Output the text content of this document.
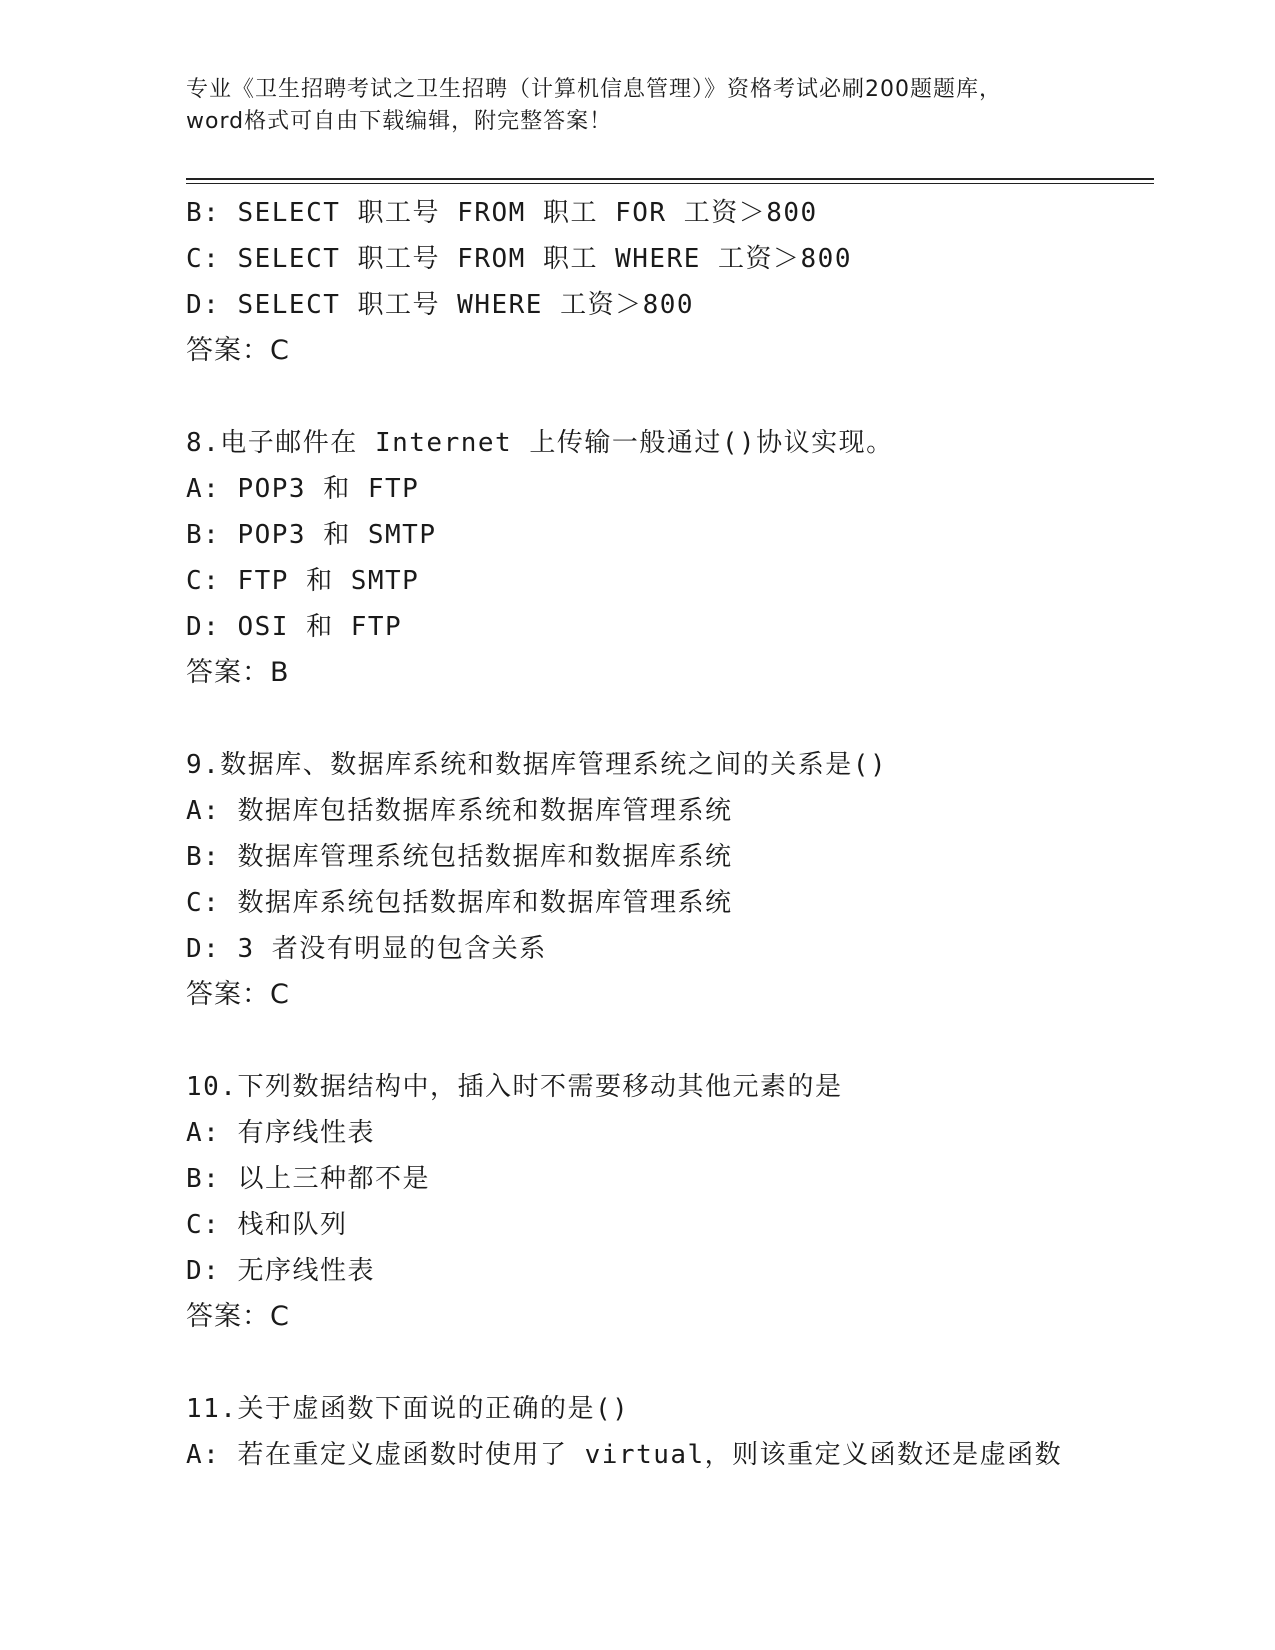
专业《卫生招聘考试之卫生招聘（计算机信息管理）》资格考试必刷200题题库，
word格式可自由下载编辑，附完整答案！
B: SELECT 职工号 FROM 职工 FOR 工资＞800
C: SELECT 职工号 FROM 职工 WHERE 工资＞800
D: SELECT 职工号 WHERE 工资＞800
答案：C
8.电子邮件在 Internet 上传输一般通过()协议实现。
A: POP3 和 FTP
B: POP3 和 SMTP
C: FTP 和 SMTP
D: OSI 和 FTP
答案：B
9.数据库、数据库系统和数据库管理系统之间的关系是()
A: 数据库包括数据库系统和数据库管理系统
B: 数据库管理系统包括数据库和数据库系统
C: 数据库系统包括数据库和数据库管理系统
D: 3 者没有明显的包含关系
答案：C
10.下列数据结构中，插入时不需要移动其他元素的是
A: 有序线性表
B: 以上三种都不是
C: 栈和队列
D: 无序线性表
答案：C
11.关于虚函数下面说的正确的是()
A: 若在重定义虚函数时使用了 virtual，则该重定义函数还是虚函数
